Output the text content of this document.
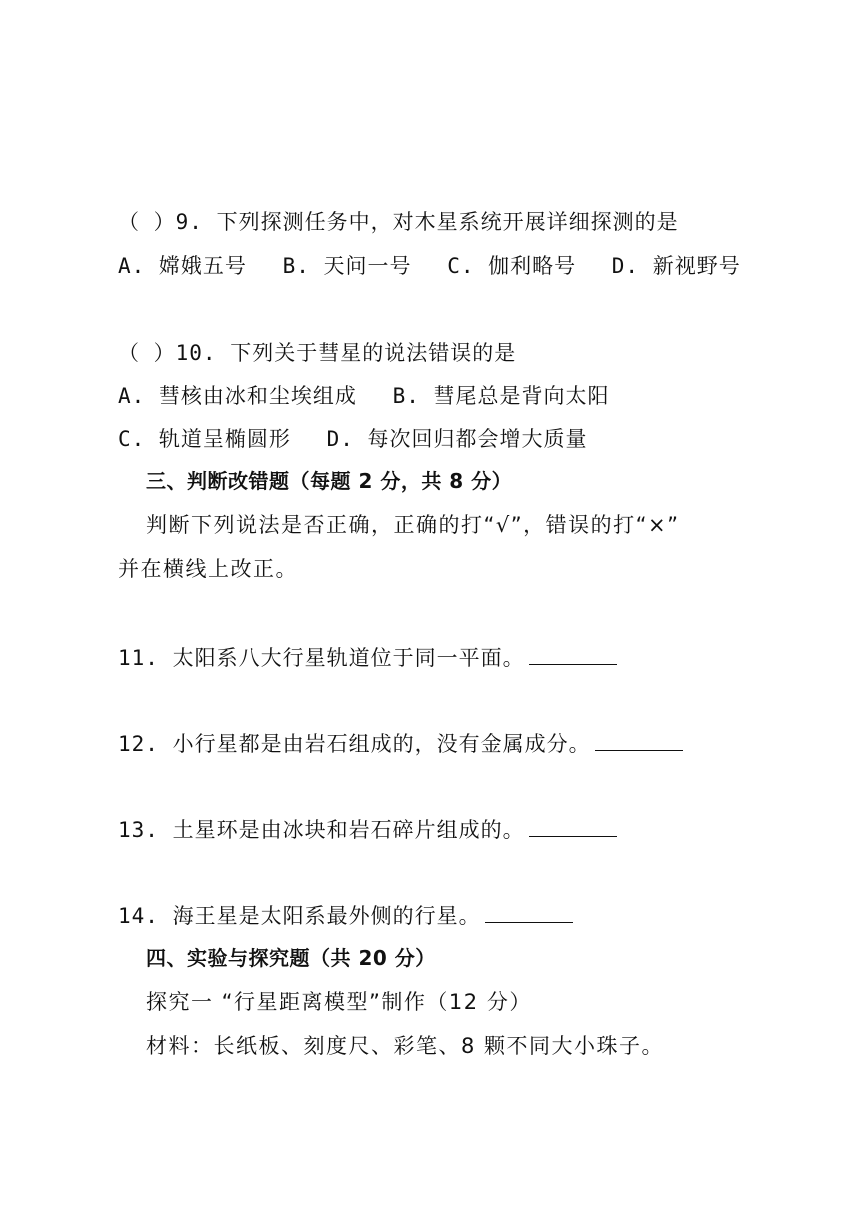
（ ）9. 下列探测任务中，对木星系统开展详细探测的是
A. 嫦娥五号 B. 天问一号 C. 伽利略号 D. 新视野号
（ ）10. 下列关于彗星的说法错误的是
A. 彗核由冰和尘埃组成 B. 彗尾总是背向太阳
C. 轨道呈椭圆形 D. 每次回归都会增大质量
三、判断改错题（每题 2 分，共 8 分）
判断下列说法是否正确，正确的打“√”，错误的打“×”
并在横线上改正。
11. 太阳系八大行星轨道位于同一平面。
12. 小行星都是由岩石组成的，没有金属成分。
13. 土星环是由冰块和岩石碎片组成的。
14. 海王星是太阳系最外侧的行星。
四、实验与探究题（共 20 分）
探究一 “行星距离模型”制作（12 分）
材料：长纸板、刻度尺、彩笔、8 颗不同大小珠子。
